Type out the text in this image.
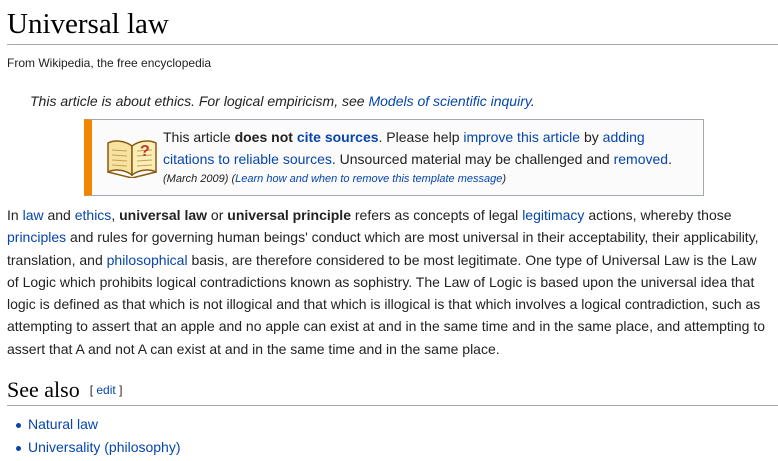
Universal law
From Wikipedia, the free encyclopedia
This article is about ethics. For logical empiricism, see Models of scientific inquiry.
?
This article does not cite sources. Please help improve this article by adding citations to reliable sources. Unsourced material may be challenged and removed.
(March 2009) (Learn how and when to remove this template message)

In law and ethics, universal law or universal principle refers as concepts of legal legitimacy actions, whereby those principles and rules for governing human beings' conduct which are most universal in their acceptability, their applicability, translation, and philosophical basis, are therefore considered to be most legitimate. One type of Universal Law is the Law of Logic which prohibits logical contradictions known as sophistry. The Law of Logic is based upon the universal idea that logic is defined as that which is not illogical and that which is illogical is that which involves a logical contradiction, such as attempting to assert that an apple and no apple can exist at and in the same time and in the same place, and attempting to assert that A and not A can exist at and in the same time and in the same place.

See also [ edit ]
Natural law
Universality (philosophy)
